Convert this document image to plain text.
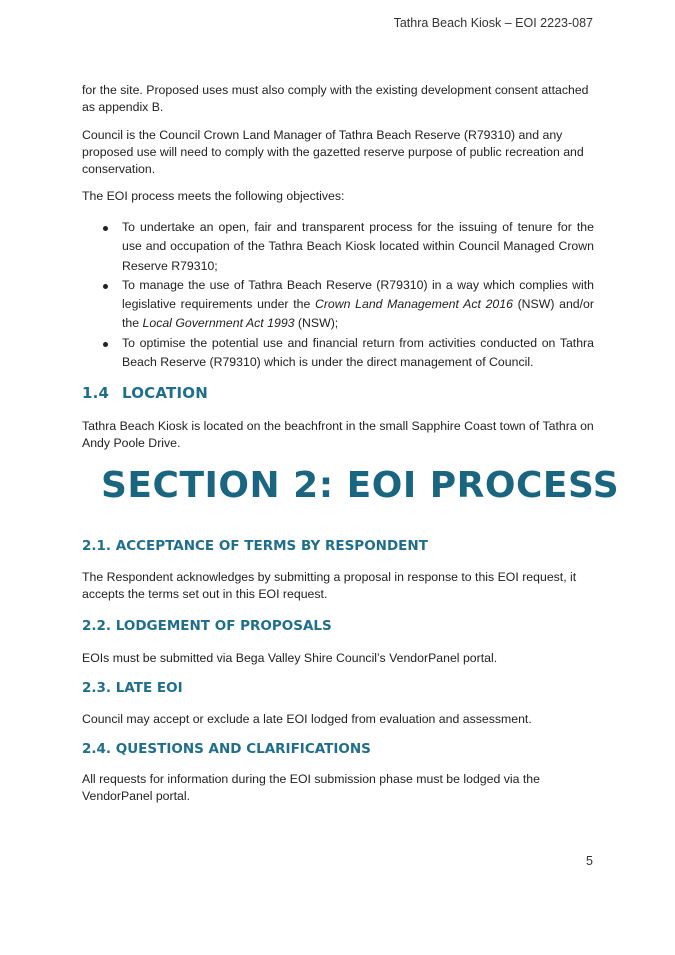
Tathra Beach Kiosk – EOI 2223-087

for the site. Proposed uses must also comply with the existing development consent attached as appendix B.

Council is the Council Crown Land Manager of Tathra Beach Reserve (R79310) and any proposed use will need to comply with the gazetted reserve purpose of public recreation and conservation.

The EOI process meets the following objectives:

To undertake an open, fair and transparent process for the issuing of tenure for the use and occupation of the Tathra Beach Kiosk located within Council Managed Crown Reserve R79310;
To manage the use of Tathra Beach Reserve (R79310) in a way which complies with legislative requirements under the Crown Land Management Act 2016 (NSW) and/or the Local Government Act 1993 (NSW);
To optimise the potential use and financial return from activities conducted on Tathra Beach Reserve (R79310) which is under the direct management of Council.
1.4 LOCATION

Tathra Beach Kiosk is located on the beachfront in the small Sapphire Coast town of Tathra on Andy Poole Drive.

SECTION 2: EOI PROCESS
2.1. ACCEPTANCE OF TERMS BY RESPONDENT

The Respondent acknowledges by submitting a proposal in response to this EOI request, it accepts the terms set out in this EOI request.

2.2. LODGEMENT OF PROPOSALS

EOIs must be submitted via Bega Valley Shire Council’s VendorPanel portal.

2.3. LATE EOI

Council may accept or exclude a late EOI lodged from evaluation and assessment.

2.4. QUESTIONS AND CLARIFICATIONS

All requests for information during the EOI submission phase must be lodged via the VendorPanel portal.

5
